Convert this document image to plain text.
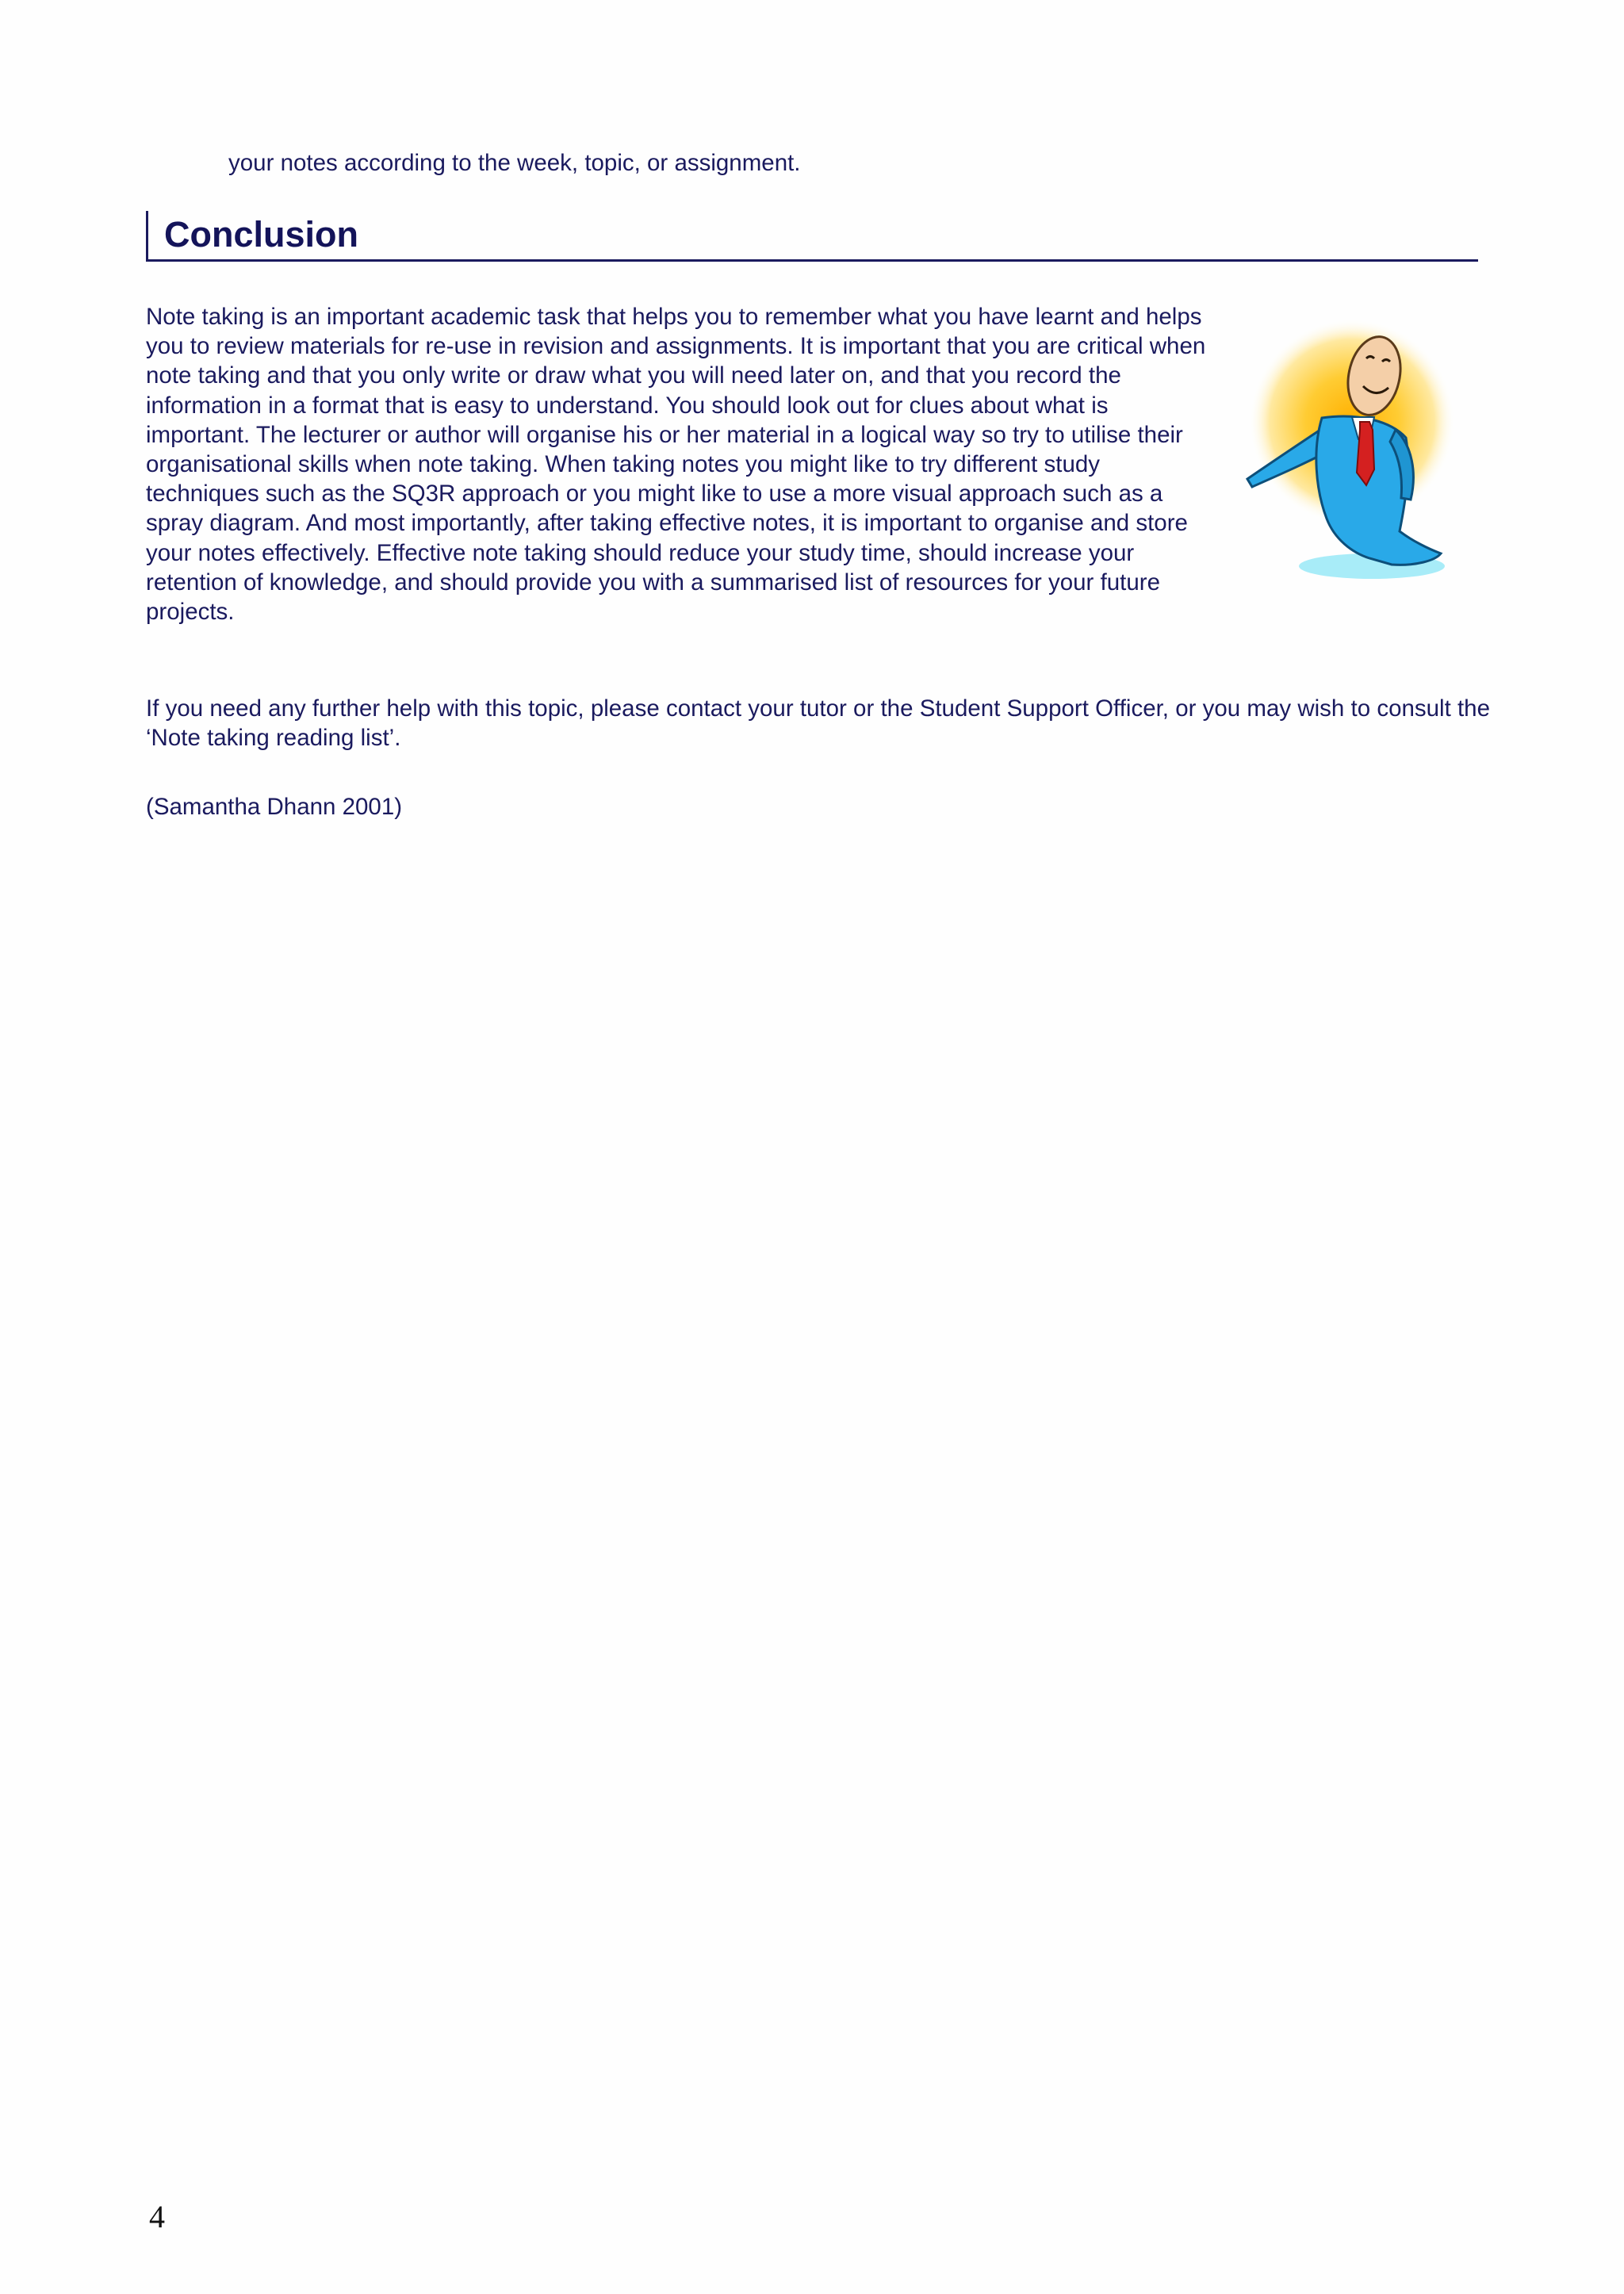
your notes according to the week, topic, or assignment.

Conclusion

Note taking is an important academic task that helps you to remember what you have learnt and helps you to review materials for re-use in revision and assignments. It is important that you are critical when note taking and that you only write or draw what you will need later on, and that you record the information in a format that is easy to understand. You should look out for clues about what is important. The lecturer or author will organise his or her material in a logical way so try to utilise their organisational skills when note taking. When taking notes you might like to try different study techniques such as the SQ3R approach or you might like to use a more visual approach such as a spray diagram. And most importantly, after taking effective notes, it is important to organise and store your notes effectively. Effective note taking should reduce your study time, should increase your retention of knowledge, and should provide you with a summarised list of resources for your future projects.

If you need any further help with this topic, please contact your tutor or the Student Support Officer, or you may wish to consult the ‘Note taking reading list’.

(Samantha Dhann 2001)

4
